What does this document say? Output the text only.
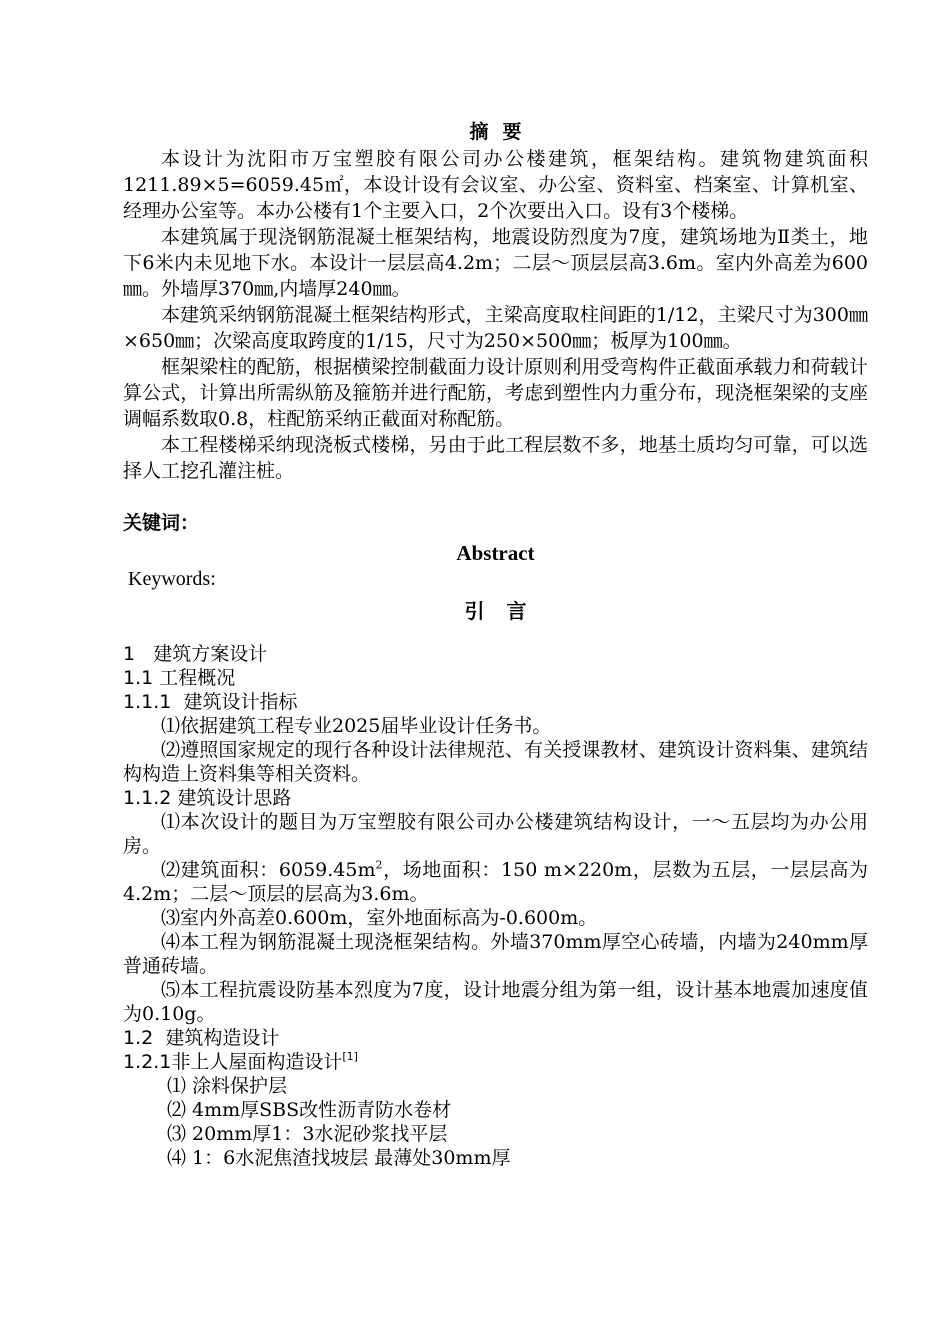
摘要

本设计为沈阳市万宝塑胶有限公司办公楼建筑，框架结构。建筑物建筑面积1211.89×5=6059.45㎡，本设计设有会议室、办公室、资料室、档案室、计算机室、经理办公室等。本办公楼有1个主要入口，2个次要出入口。设有3个楼梯。

本建筑属于现浇钢筋混凝土框架结构，地震设防烈度为7度，建筑场地为Ⅱ类土，地下6米内未见地下水。本设计一层层高4.2m；二层～顶层层高3.6m。室内外高差为600㎜。外墙厚370㎜,内墙厚240㎜。

本建筑采纳钢筋混凝土框架结构形式，主梁高度取柱间距的1/12，主梁尺寸为300㎜×650㎜；次梁高度取跨度的1/15，尺寸为250×500㎜；板厚为100㎜。

框架梁柱的配筋，根据横梁控制截面力设计原则利用受弯构件正截面承载力和荷载计算公式，计算出所需纵筋及箍筋并进行配筋，考虑到塑性内力重分布，现浇框架梁的支座调幅系数取0.8，柱配筋采纳正截面对称配筋。

本工程楼梯采纳现浇板式楼梯，另由于此工程层数不多，地基土质均匀可靠，可以选择人工挖孔灌注桩。

关键词：
Abstract
Keywords:
引言

1 建筑方案设计

1.1 工程概况

1.1.1 建筑设计指标

⑴依据建筑工程专业2025届毕业设计任务书。

⑵遵照国家规定的现行各种设计法律规范、有关授课教材、建筑设计资料集、建筑结构构造上资料集等相关资料。

1.1.2 建筑设计思路

⑴本次设计的题目为万宝塑胶有限公司办公楼建筑结构设计，一～五层均为办公用房。

⑵建筑面积：$6059.45m^2$，场地面积：150 m×220m，层数为五层，一层层高为4.2m；二层～顶层的层高为3.6m。

⑶室内外高差0.600m，室外地面标高为-0.600m。

⑷本工程为钢筋混凝土现浇框架结构。外墙370mm厚空心砖墙，内墙为240mm厚普通砖墙。

⑸本工程抗震设防基本烈度为7度，设计地震分组为第一组，设计基本地震加速度值为0.10g。

1.2 建筑构造设计

1.2.1非上人屋面构造设计[1]

⑴ 涂料保护层

⑵ 4mm厚SBS改性沥青防水卷材

⑶ 20mm厚1：3水泥砂浆找平层

⑷ 1：6水泥焦渣找坡层 最薄处30mm厚
